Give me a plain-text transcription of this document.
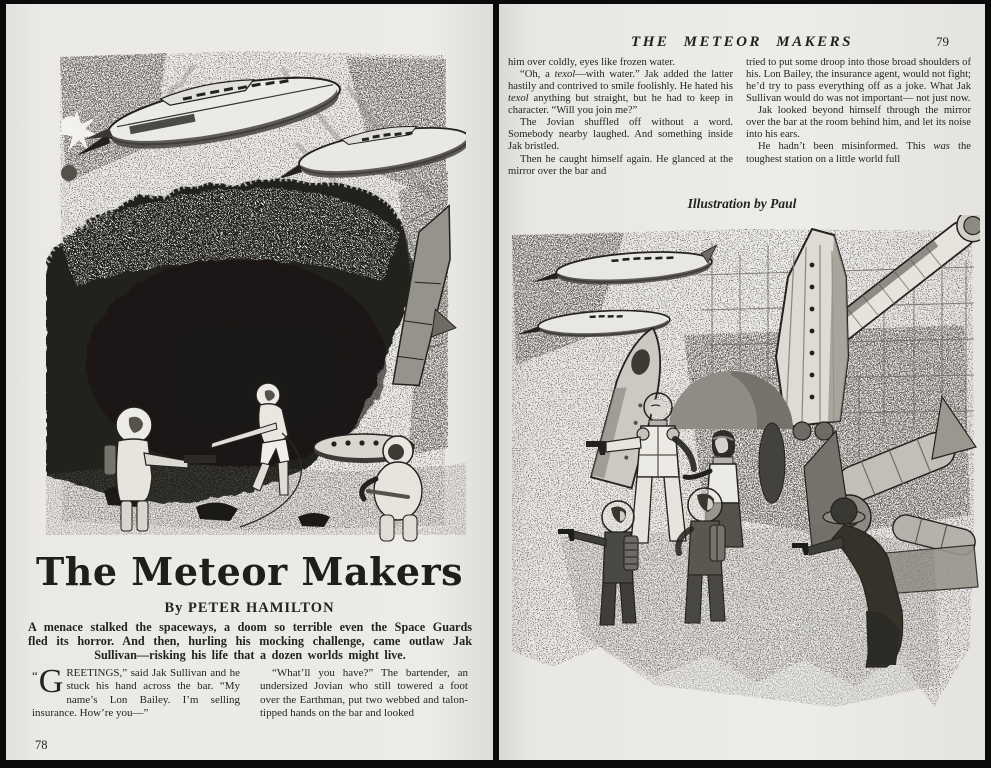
The Meteor Makers
By PETER HAMILTON
A menace stalked the spaceways, a doom so terrible even the Space Guards fled its horror. And then, hurling his mocking challenge, came outlaw Jak Sullivan—risking his life that a dozen worlds might live.

“ G REETINGS,” said Jak Sullivan and he stuck his hand across the bar. “My name’s Lon Bailey. I’m selling insurance. How’re you—”

“What’ll you have?” The bartender, an undersized Jovian who still towered a foot over the Earthman, put two webbed and talon-tipped hands on the bar and looked

78
THE METEOR MAKERS	79

him over coldly, eyes like frozen water.

“Oh, a texol—with water.” Jak added the latter hastily and contrived to smile foolishly. He hated his texol anything but straight, but he had to keep in character. “Will you join me?”

The Jovian shuffled off without a word. Somebody nearby laughed. And something inside Jak bristled.

Then he caught himself again. He glanced at the mirror over the bar and

tried to put some droop into those broad shoulders of his. Lon Bailey, the insurance agent, would not fight; he’d try to pass everything off as a joke. What Jak Sullivan would do was not important— not just now.

Jak looked beyond himself through the mirror over the bar at the room behind him, and let its noise into his ears.

He hadn’t been misinformed. This was the toughest station on a little world full

Illustration by Paul
